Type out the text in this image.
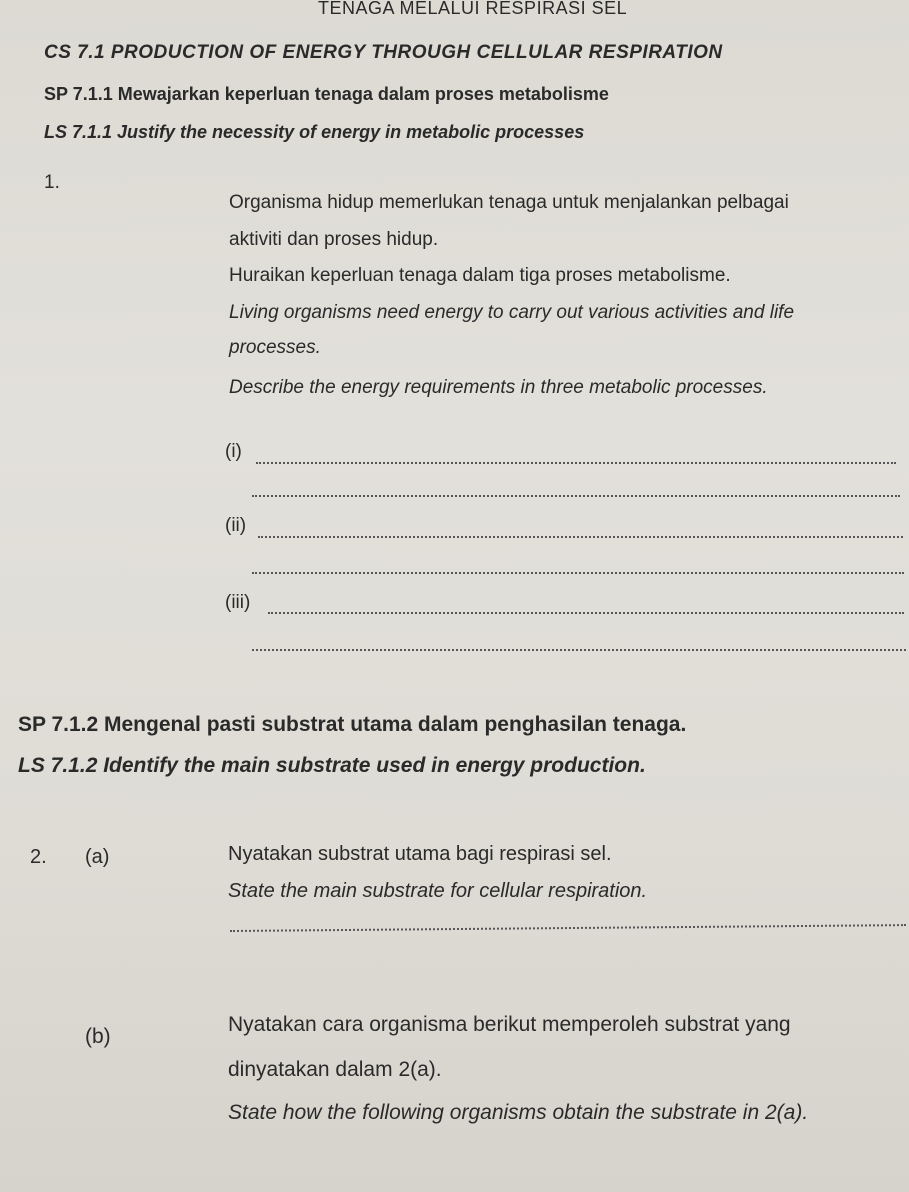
TENAGA MELALUI RESPIRASI SEL
CS 7.1 PRODUCTION OF ENERGY THROUGH CELLULAR RESPIRATION
SP 7.1.1 Mewajarkan keperluan tenaga dalam proses metabolisme
LS 7.1.1 Justify the necessity of energy in metabolic processes
1.
Organisma hidup memerlukan tenaga untuk menjalankan pelbagai
aktiviti dan proses hidup.
Huraikan keperluan tenaga dalam tiga proses metabolisme.
Living organisms need energy to carry out various activities and life
processes.
Describe the energy requirements in three metabolic processes.
(i)
(ii)
(iii)
SP 7.1.2 Mengenal pasti substrat utama dalam penghasilan tenaga.
LS 7.1.2 Identify the main substrate used in energy production.
2. (a)	Nyatakan substrat utama bagi respirasi sel.
State the main substrate for cellular respiration.
(b)
Nyatakan cara organisma berikut memperoleh substrat yang
dinyatakan dalam 2(a).
State how the following organisms obtain the substrate in 2(a).
